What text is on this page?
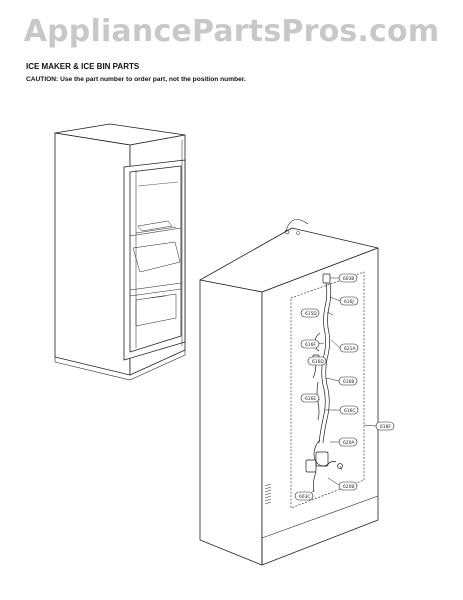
AppliancePartsPros.com
ICE MAKER & ICE BIN PARTS
CAUTION: Use the part number to order part, not the position number.
603B
616J
615D
616F
616D
616E
618F
621A
616B
616C
620A
620B
603C
